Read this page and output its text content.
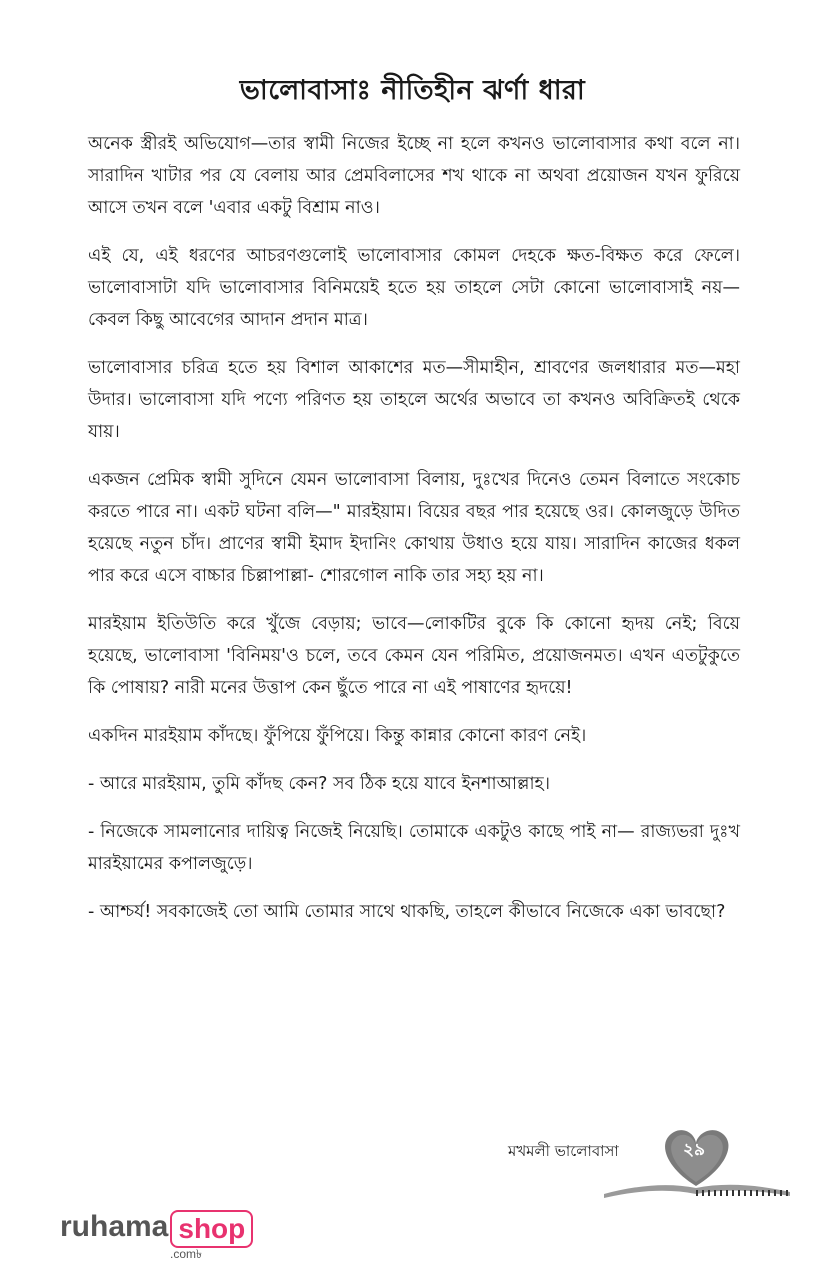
ভালোবাসাঃ নীতিহীন ঝর্ণা ধারা

অনেক স্ত্রীরই অভিযোগ—তার স্বামী নিজের ইচ্ছে না হলে কখনও ভালোবাসার কথা বলে না। সারাদিন খাটার পর যে বেলায় আর প্রেমবিলাসের শখ থাকে না অথবা প্রয়োজন যখন ফুরিয়ে আসে তখন বলে 'এবার একটু বিশ্রাম নাও।

এই যে, এই ধরণের আচরণগুলোই ভালোবাসার কোমল দেহকে ক্ষত-বিক্ষত করে ফেলে। ভালোবাসাটা যদি ভালোবাসার বিনিময়েই হতে হয় তাহলে সেটা কোনো ভালোবাসাই নয়—কেবল কিছু আবেগের আদান প্রদান মাত্র।

ভালোবাসার চরিত্র হতে হয় বিশাল আকাশের মত—সীমাহীন, শ্রাবণের জলধারার মত—মহা উদার। ভালোবাসা যদি পণ্যে পরিণত হয় তাহলে অর্থের অভাবে তা কখনও অবিক্রিতই থেকে যায়।

একজন প্রেমিক স্বামী সুদিনে যেমন ভালোবাসা বিলায়, দুঃখের দিনেও তেমন বিলাতে সংকোচ করতে পারে না। একট ঘটনা বলি—" মারইয়াম। বিয়ের বছর পার হয়েছে ওর। কোলজুড়ে উদিত হয়েছে নতুন চাঁদ। প্রাণের স্বামী ইমাদ ইদানিং কোথায় উধাও হয়ে যায়। সারাদিন কাজের ধকল পার করে এসে বাচ্চার চিল্লাপাল্লা- শোরগোল নাকি তার সহ্য হয় না।

মারইয়াম ইতিউতি করে খুঁজে বেড়ায়; ভাবে—লোকটির বুকে কি কোনো হৃদয় নেই; বিয়ে হয়েছে, ভালোবাসা 'বিনিময়'ও চলে, তবে কেমন যেন পরিমিত, প্রয়োজনমত। এখন এতটুকুতে কি পোষায়? নারী মনের উত্তাপ কেন ছুঁতে পারে না এই পাষাণের হৃদয়ে!

একদিন মারইয়াম কাঁদছে। ফুঁপিয়ে ফুঁপিয়ে। কিন্তু কান্নার কোনো কারণ নেই।

- আরে মারইয়াম, তুমি কাঁদছ কেন? সব ঠিক হয়ে যাবে ইনশাআল্লাহ।

- নিজেকে সামলানোর দায়িত্ব নিজেই নিয়েছি। তোমাকে একটুও কাছে পাই না— রাজ্যভরা দুঃখ মারইয়ামের কপালজুড়ে।

- আশ্চর্য! সবকাজেই তো আমি তোমার সাথে থাকছি, তাহলে কীভাবে নিজেকে একা ভাবছো?

মখমলী ভালোবাসা	২৯
ruhama shop
.com৳
